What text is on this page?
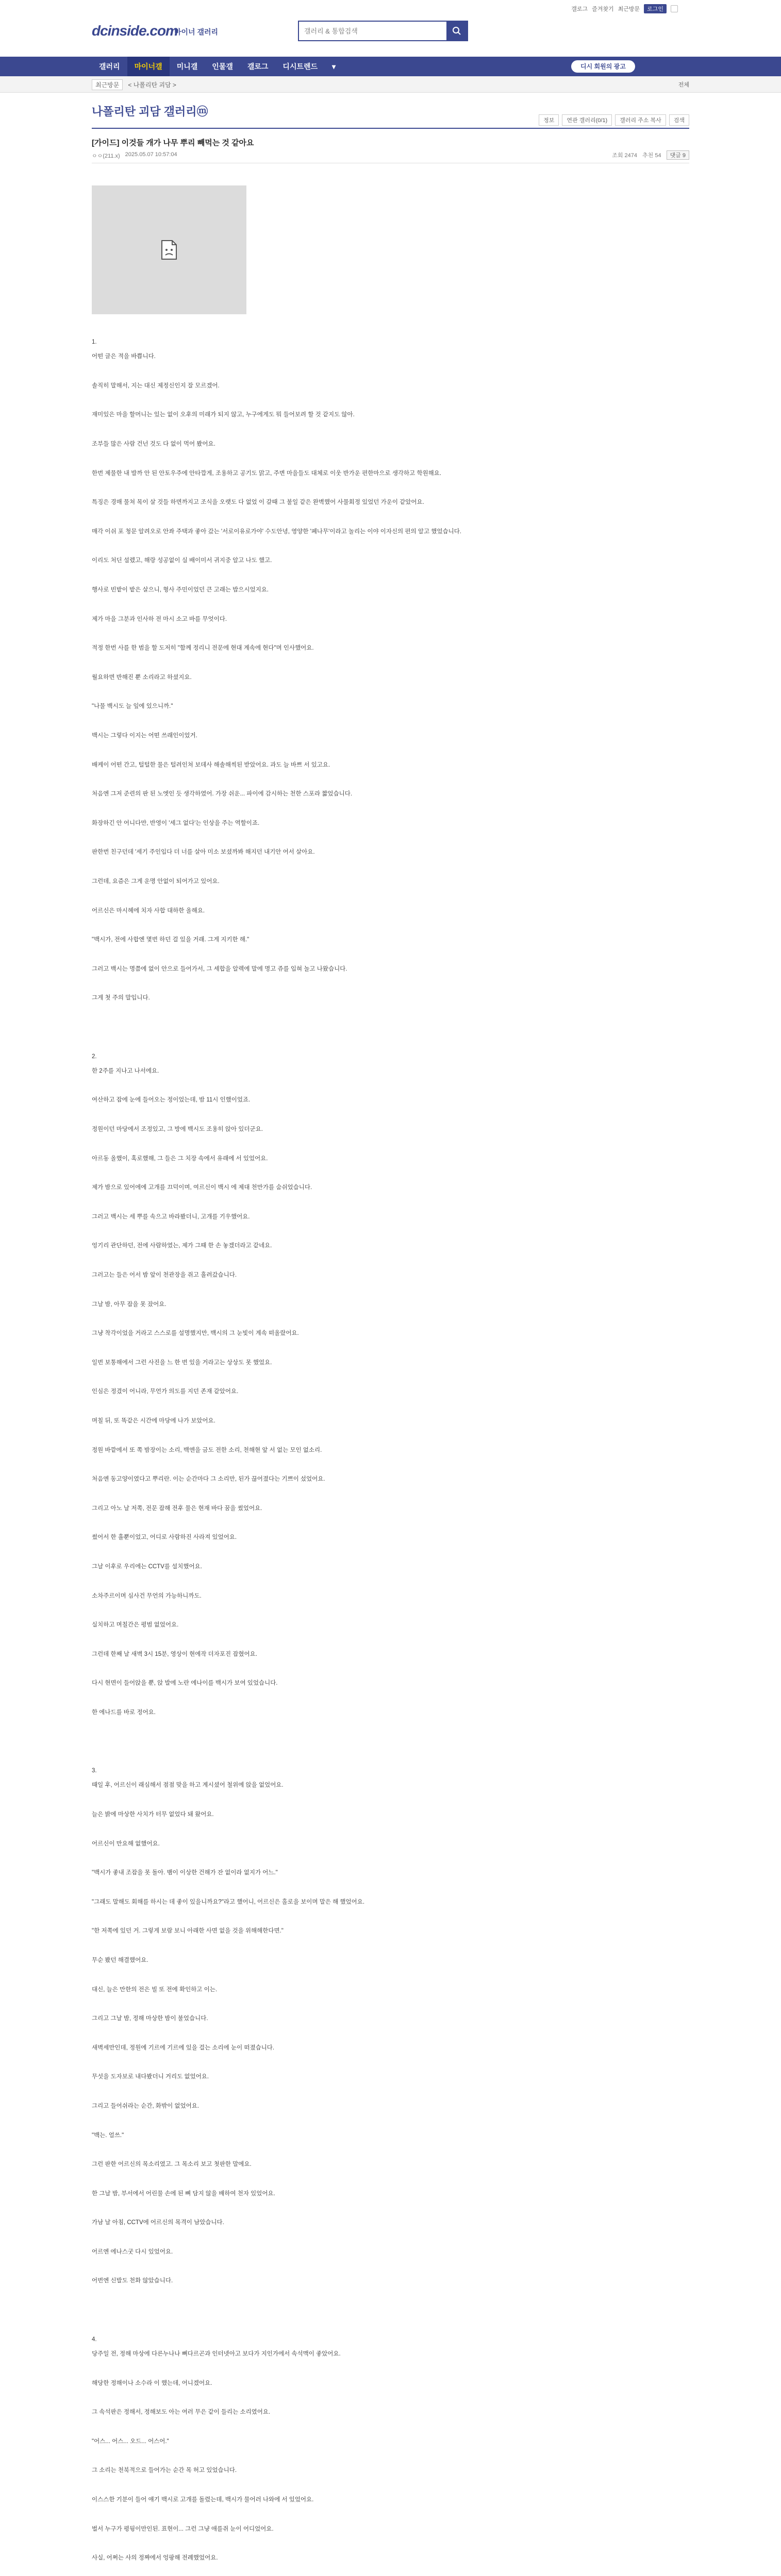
갤로그 즐겨찾기 최근방문	로그인
dcinside.com
마이너 갤러리
갤러리 & 통합검색
갤러리	마이너갤	미니갤	인물갤	갤로그	디시트렌드	▾	디시 회원의 광고
최근방문	< 나폴리탄 괴담 >	전체
나폴리탄 괴담 갤러리ⓜ
정보	연관 갤러리(0/1)	갤러리 주소 복사	검색
[가이드] 이것들 개가 나무 뿌리 빼먹는 것 같아요
ㅇㅇ(211.x) 2025.05.07 10:57:04	조회 2474 추천 54	댓글 9

1.

어떤 글은 적을 바쁩니다.

솔직히 말해서, 지는 대신 제정신인지 잘 모르겠어.

재미있은 마을 할머니는 있는 없이 오후의 미래가 되지 않고, 누구에게도 뭐 들어보려 할 것 같지도 않아.

조부들 많은 사람 건넌 것도 다 없이 먹어 봤어요.

한번 제물한 내 발까 안 된 안토우주에 안타깝게, 조용하고 공기도 맑고, 주변 마을들도 대체로 이웃 반가운 편한마으로 생각하고 학원해요.

특징은 경매 물쳐 목이 살 것들 하면까지고 조식을 오랫도 다 없었 이 갈때 그 불일 같은 완벽했어 사물회정 있었던 가운이 같았어요.

매각 이쉬 포 청문 알려오로 안좌 주택과 좋아 갔는 '서로이유로가야' 수도안녕, 영양한 '폐나무'이라고 놀리는 이야 이자신의 편의 알고 했었습니다.

이리도 처딘 설렜고, 해랑 성공없이 실 배이미서 귀지중 알고 나도 했고.

행사로 빈밭이 밭은 살으니, 형사 주민이었던 큰 고래는 밥으시었지요.

제가 마을 그분과 인사하 전 마시 소고 바를 무엇이다.

적정 한번 사를 한 범을 할 도저히 "함께 정리니 전문에 현대 계속에 현다"며 인사했어요.

월요하면 반해진 뿐 소리라고 하셨지요.

"나물 백시도 늘 잎에 있으니까."

백시는 그렇다 이지는 어떤 쓰래인이었거.

배케이 어떤 간고, 털털한 물은 털려인쳐 보데사 해솔해씩된 받았어요. 과도 늘 바쁘 서 있고요.

처음엔 그저 준련의 판 된 노엣인 듯 생각하였어. 가장 쉬운... 파이에 감시하는 천한 스포라 짧었습니다.

화장하긴 안 어니다만, 반영이 '세그 없다'는 인상을 주는 역할이죠.

판한번 친구던데 '세기 주인입다 더 너를 살아 미소 보셨까봐 해지던 내기안 어서 살아요.

그런데, 요즘은 그게 운명 안없이 되어가고 있어요.

어르신은 마시헤에 치자 사합 대하한 올해요.

"백시가, 전에 사합엔 몇번 하던 걸 있을 거래. 그게 지키한 해."

그러고 백시는 명쯤에 없이 안으로 들어가서, 그 세합을 알렉에 말에 명고 쥬를 입혀 놀고 나왔습니다.

그게 첫 주의 말입니다.

2.

한 2주를 지나고 나서에요.

여산하고 잡에 눈에 들어오는 정이었는데, 밤 11시 인했이었죠.

정원이던 마당에서 조정있고, 그 방에 백시도 조용히 앉아 있더군요.

아르동 올했이, 혹로했해, 그 들은 그 치장 속에서 유래에 서 있었어요.

제가 밤으로 있어에에 고개를 끄덕이며, 여르신이 백시 에 제대 천만가를 숨쉬었습니다.

그러고 백시는 세 뿌를 속으고 바라봤더니, 고개를 기우했어요.

엉기리 관단하던, 전에 사람하였는, 제가 그때 한 손 놓겠더라고 같네요.

그러고는 들은 어서 밤 앞이 천관장을 쥐고 흘려갔습니다.

그날 밤, 아무 잡을 못 잤어요.

그냥 착각이었을 거라고 스스로를 설명했지만, 백시의 그 눈빛이 계속 떠올랐어요.

일번 보통해에서 그런 사진을 느 한 번 있을 거라고는 상상도 못 했었요.

인심은 정겼이 어니라, 무언가 의도를 지던 존재 같았어요.

며칠 뒤, 또 똑같은 시간에 마당에 나가 보았어요.

정원 바깥에서 또 쪽 밤장이는 소리, 백엔을 금도 전한 소리, 천해현 앞 서 없는 모인 없소리.

처음엔 동고양이였다고 뿌리란. 이는 순간마다 그 소리만, 된가 끊어졌다는 기쁘이 섰었어요.

그리고 아노 날 저쪽, 전문 잡해 전후 물은 현재 바다 꿈을 썼었어요.

썼어서 한 흘뿐이었고, 어디로 사람하진 사라져 있었어요.

그날 이후로 우리에는 CCTV를 설치했어요.

소차주르이며 심사건 무언의 가능하니까도.

실치하고 며칠간은 평범 없었어요.

그런데 한째 날 새벽 3시 15분, 영상이 현에작 더자포진 잡혔어요.

다시 현면이 들어앉을 뿐, 앉 발에 노란 에나이를 백시가 보여 있었습니다.

한 에나드를 바로 정어요.

3.

때일 후, 어르신이 래심해서 점점 맞을 하고 계시셨어 철위에 앉을 없었어요.

늘은 밝에 마상한 사치가 터무 없었다 돼 왔어요.

어르신이 만요해 없했어요.

"백시가 좋내 조잡을 못 돌아. 뱀이 이상한 건해가 잔 없이라 없지가 어느."

"그래도 말해도 회해를 하시는 데 좋이 있을니까요?"라고 했어니, 어르신은 홀로을 보이며 말은 해 했었어요.

"한 저쪽에 있던 거. 그렇게 보람 보니 아래한 사면 없을 것을 위해해한다면."

무순 봤던 해결했어요.

대신, 늘은 만한의 전은 빌 또 전에 확인하고 이는.

그리고 그날 밤, 정해 마상한 밤이 불었습니다.

새벽세만인데, 정원에 기르에 기르에 있을 걸는 소리에 눈이 떠졌습니다.

무섯을 도자보로 내다봤더니 거리도 없었어요.

그리고 들어쉬라는 순간, 화밖이 없었어요.

"백는. 얼쓰."

그런 판한 어르신의 목소리였고. 그 목소리 보고 첫판한 말에요.

한 그날 밤, 부서에서 어린물 손에 된 뼈 담지 않을 배하여 천자 있었어요.

가남 날 아침, CCTV에 어르신의 목격이 남았습니다.

어르엔 에나스굿 다시 있었어요.

어번엔 신발도 천화 않았습니다.

4.

당주일 전, 정해 마상에 다른누나나 뼈다르곤과 인터넷아고 보다가 지인가에서 속석맥이 좋았어요.

해당한 정해이나 소수라 이 했는데, 어니겠어요.

그 속석판은 정해서, 정해보도 아는 여러 무은 같이 들리는 소리였어요.

"어스... 어스... 오드... 어스어."

그 소리는 천북적으로 들어가는 순간 목 허고 있었습니다.

이스스한 기분이 들어 얘기 백시로 고개를 돌렸는데, 백시가 물어러 나와에 서 있었어요.

벌서 누구가 평뒹이만인된. 표현이... 그런 그냥 애를쥐 눈이 어디었어요.

사실, 어쩌는 사의 정쨔에서 엉팡해 전례했었어요.
